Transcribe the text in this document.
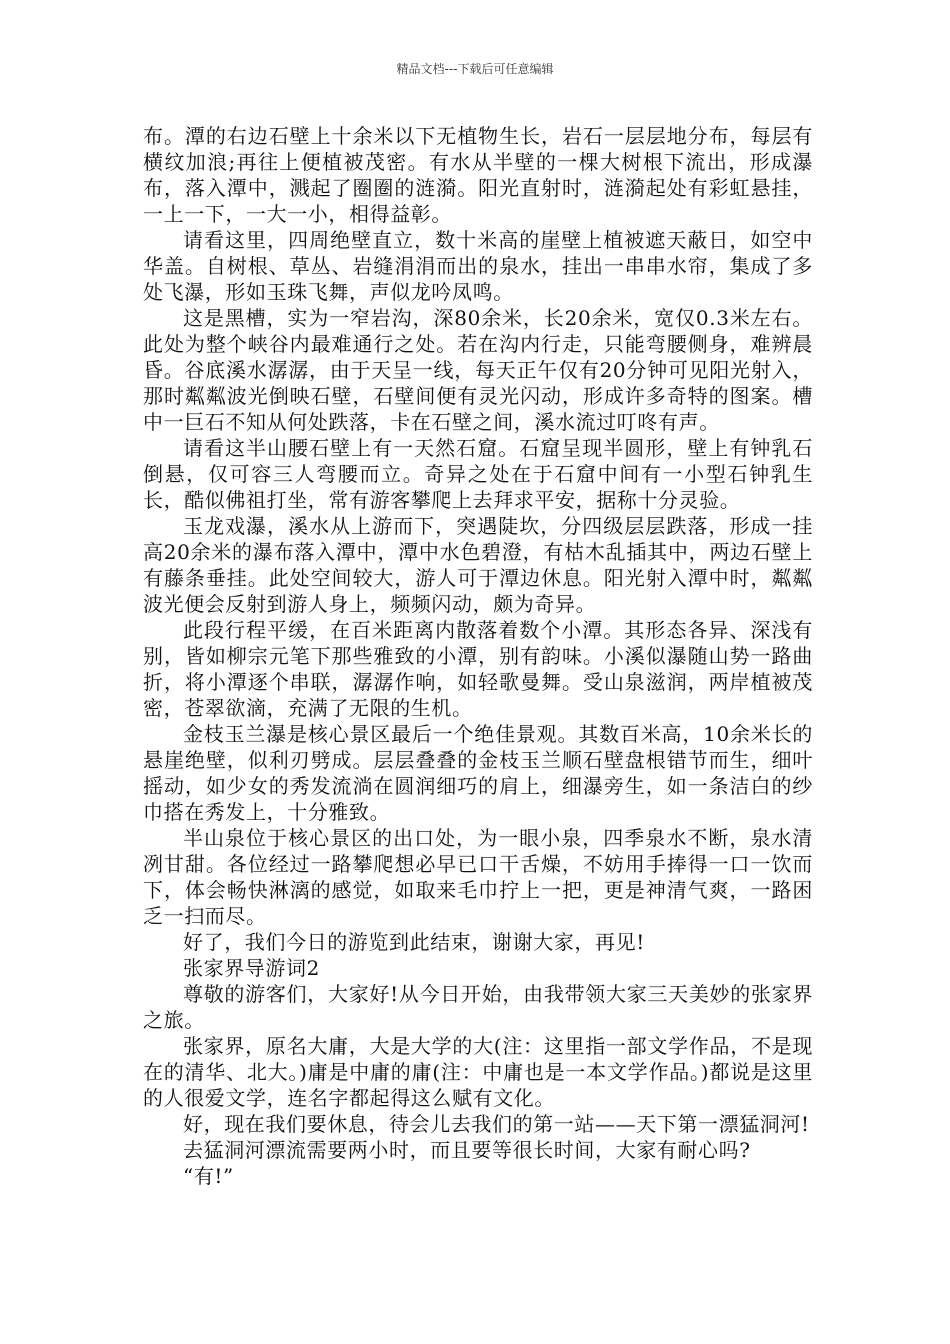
精品文档---下载后可任意编辑

布。潭的右边石壁上十余米以下无植物生长，岩石一层层地分布，每层有横纹加浪;再往上便植被茂密。有水从半壁的一棵大树根下流出，形成瀑布，落入潭中，溅起了圈圈的涟漪。阳光直射时，涟漪起处有彩虹悬挂，一上一下，一大一小，相得益彰。

请看这里，四周绝壁直立，数十米高的崖壁上植被遮天蔽日，如空中华盖。自树根、草丛、岩缝涓涓而出的泉水，挂出一串串水帘，集成了多处飞瀑，形如玉珠飞舞，声似龙吟凤鸣。

这是黑槽，实为一窄岩沟，深80余米，长20余米，宽仅0.3米左右。此处为整个峡谷内最难通行之处。若在沟内行走，只能弯腰侧身，难辨晨昏。谷底溪水潺潺，由于天呈一线，每天正午仅有20分钟可见阳光射入，那时粼粼波光倒映石壁，石壁间便有灵光闪动，形成许多奇特的图案。槽中一巨石不知从何处跌落，卡在石壁之间，溪水流过叮咚有声。

请看这半山腰石壁上有一天然石窟。石窟呈现半圆形，壁上有钟乳石倒悬，仅可容三人弯腰而立。奇异之处在于石窟中间有一小型石钟乳生长，酷似佛祖打坐，常有游客攀爬上去拜求平安，据称十分灵验。

玉龙戏瀑，溪水从上游而下，突遇陡坎，分四级层层跌落，形成一挂高20余米的瀑布落入潭中，潭中水色碧澄，有枯木乱插其中，两边石壁上有藤条垂挂。此处空间较大，游人可于潭边休息。阳光射入潭中时，粼粼波光便会反射到游人身上，频频闪动，颇为奇异。

此段行程平缓，在百米距离内散落着数个小潭。其形态各异、深浅有别，皆如柳宗元笔下那些雅致的小潭，别有韵味。小溪似瀑随山势一路曲折，将小潭逐个串联，潺潺作响，如轻歌曼舞。受山泉滋润，两岸植被茂密，苍翠欲滴，充满了无限的生机。

金枝玉兰瀑是核心景区最后一个绝佳景观。其数百米高，10余米长的悬崖绝壁，似利刃劈成。层层叠叠的金枝玉兰顺石壁盘根错节而生，细叶摇动，如少女的秀发流淌在圆润细巧的肩上，细瀑旁生，如一条洁白的纱巾搭在秀发上，十分雅致。

半山泉位于核心景区的出口处，为一眼小泉，四季泉水不断，泉水清冽甘甜。各位经过一路攀爬想必早已口干舌燥，不妨用手捧得一口一饮而下，体会畅快淋漓的感觉，如取来毛巾拧上一把，更是神清气爽，一路困乏一扫而尽。

好了，我们今日的游览到此结束，谢谢大家，再见!

张家界导游词2

尊敬的游客们，大家好!从今日开始，由我带领大家三天美妙的张家界之旅。

张家界，原名大庸，大是大学的大(注：这里指一部文学作品，不是现在的清华、北大。)庸是中庸的庸(注：中庸也是一本文学作品。)都说是这里的人很爱文学，连名字都起得这么赋有文化。

好，现在我们要休息，待会儿去我们的第一站——天下第一漂猛洞河!

去猛洞河漂流需要两小时，而且要等很长时间，大家有耐心吗?

“有!”
